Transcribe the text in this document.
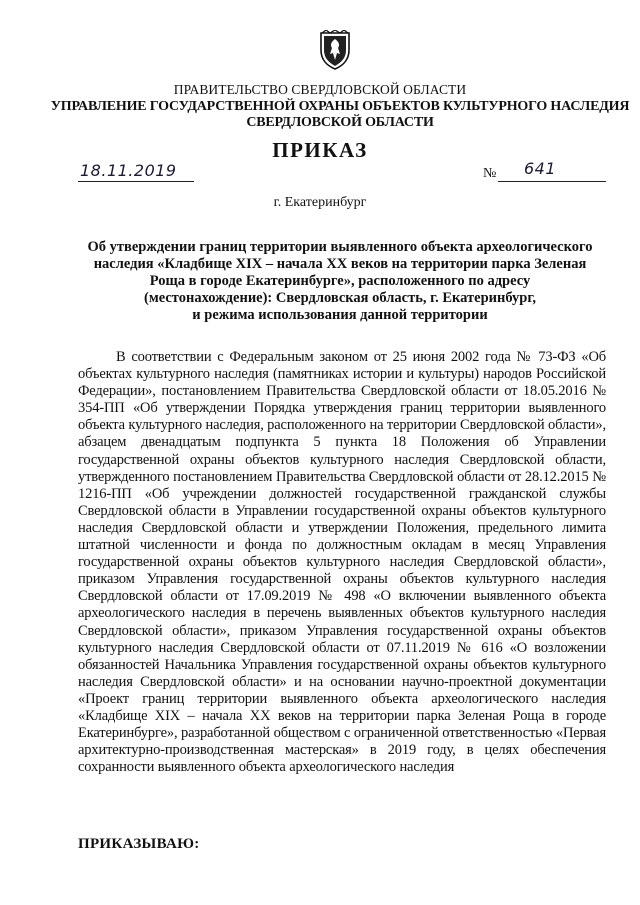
ПРАВИТЕЛЬСТВО СВЕРДЛОВСКОЙ ОБЛАСТИ
УПРАВЛЕНИЕ ГОСУДАРСТВЕННОЙ ОХРАНЫ ОБЪЕКТОВ КУЛЬТУРНОГО НАСЛЕДИЯ
СВЕРДЛОВСКОЙ ОБЛАСТИ
ПРИКАЗ
18.11.2019	№ 641
г. Екатеринбург
Об утверждении границ территории выявленного объекта археологического
наследия «Кладбище XIX – начала XX веков на территории парка Зеленая
Роща в городе Екатеринбурге», расположенного по адресу
(местонахождение): Свердловская область, г. Екатеринбург,
и режима использования данной территории
В соответствии с Федеральным законом от 25 июня 2002 года № 73-ФЗ «Об объектах культурного наследия (памятниках истории и культуры) народов Российской Федерации», постановлением Правительства Свердловской области от 18.05.2016 № 354-ПП «Об утверждении Порядка утверждения границ территории выявленного объекта культурного наследия, расположенного на территории Свердловской области», абзацем двенадцатым подпункта 5 пункта 18 Положения об Управлении государственной охраны объектов культурного наследия Свердловской области, утвержденного постановлением Правительства Свердловской области от 28.12.2015 № 1216-ПП «Об учреждении должностей государственной гражданской службы Свердловской области в Управлении государственной охраны объектов культурного наследия Свердловской области и утверждении Положения, предельного лимита штатной численности и фонда по должностным окладам в месяц Управления государственной охраны объектов культурного наследия Свердловской области», приказом Управления государственной охраны объектов культурного наследия Свердловской области от 17.09.2019 № 498 «О включении выявленного объекта археологического наследия в перечень выявленных объектов культурного наследия Свердловской области», приказом Управления государственной охраны объектов культурного наследия Свердловской области от 07.11.2019 № 616 «О возложении обязанностей Начальника Управления государственной охраны объектов культурного наследия Свердловской области» и на основании научно-проектной документации «Проект границ территории выявленного объекта археологического наследия «Кладбище XIX – начала XX веков на территории парка Зеленая Роща в городе Екатеринбурге», разработанной обществом с ограниченной ответственностью «Первая архитектурно-производственная мастерская» в 2019 году, в целях обеспечения сохранности выявленного объекта археологического наследия
ПРИКАЗЫВАЮ:
